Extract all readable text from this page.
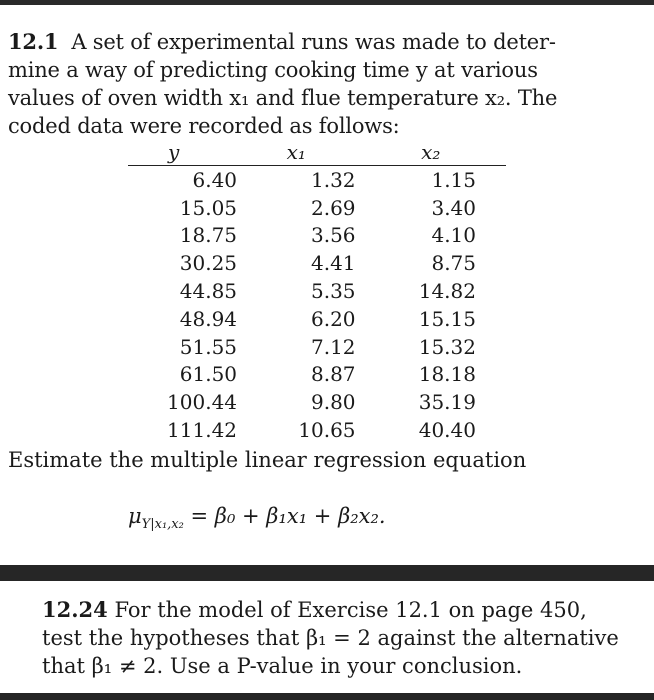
12.1 A set of experimental runs was made to deter-
mine a way of predicting cooking time y at various
values of oven width x₁ and flue temperature x₂. The
coded data were recorded as follows:
y	x₁	x₂
6.40	1.32	1.15
15.05	2.69	3.40
18.75	3.56	4.10
30.25	4.41	8.75
44.85	5.35	14.82
48.94	6.20	15.15
51.55	7.12	15.32
61.50	8.87	18.18
100.44	9.80	35.19
111.42	10.65	40.40
Estimate the multiple linear regression equation
$\mu_{Y|x_1,x_2} = \beta_0 + \beta_1x_1 + \beta_2x_2$.
12.24 For the model of Exercise 12.1 on page 450,
test the hypotheses that β₁ = 2 against the alternative
that β₁ ≠ 2. Use a P-value in your conclusion.
